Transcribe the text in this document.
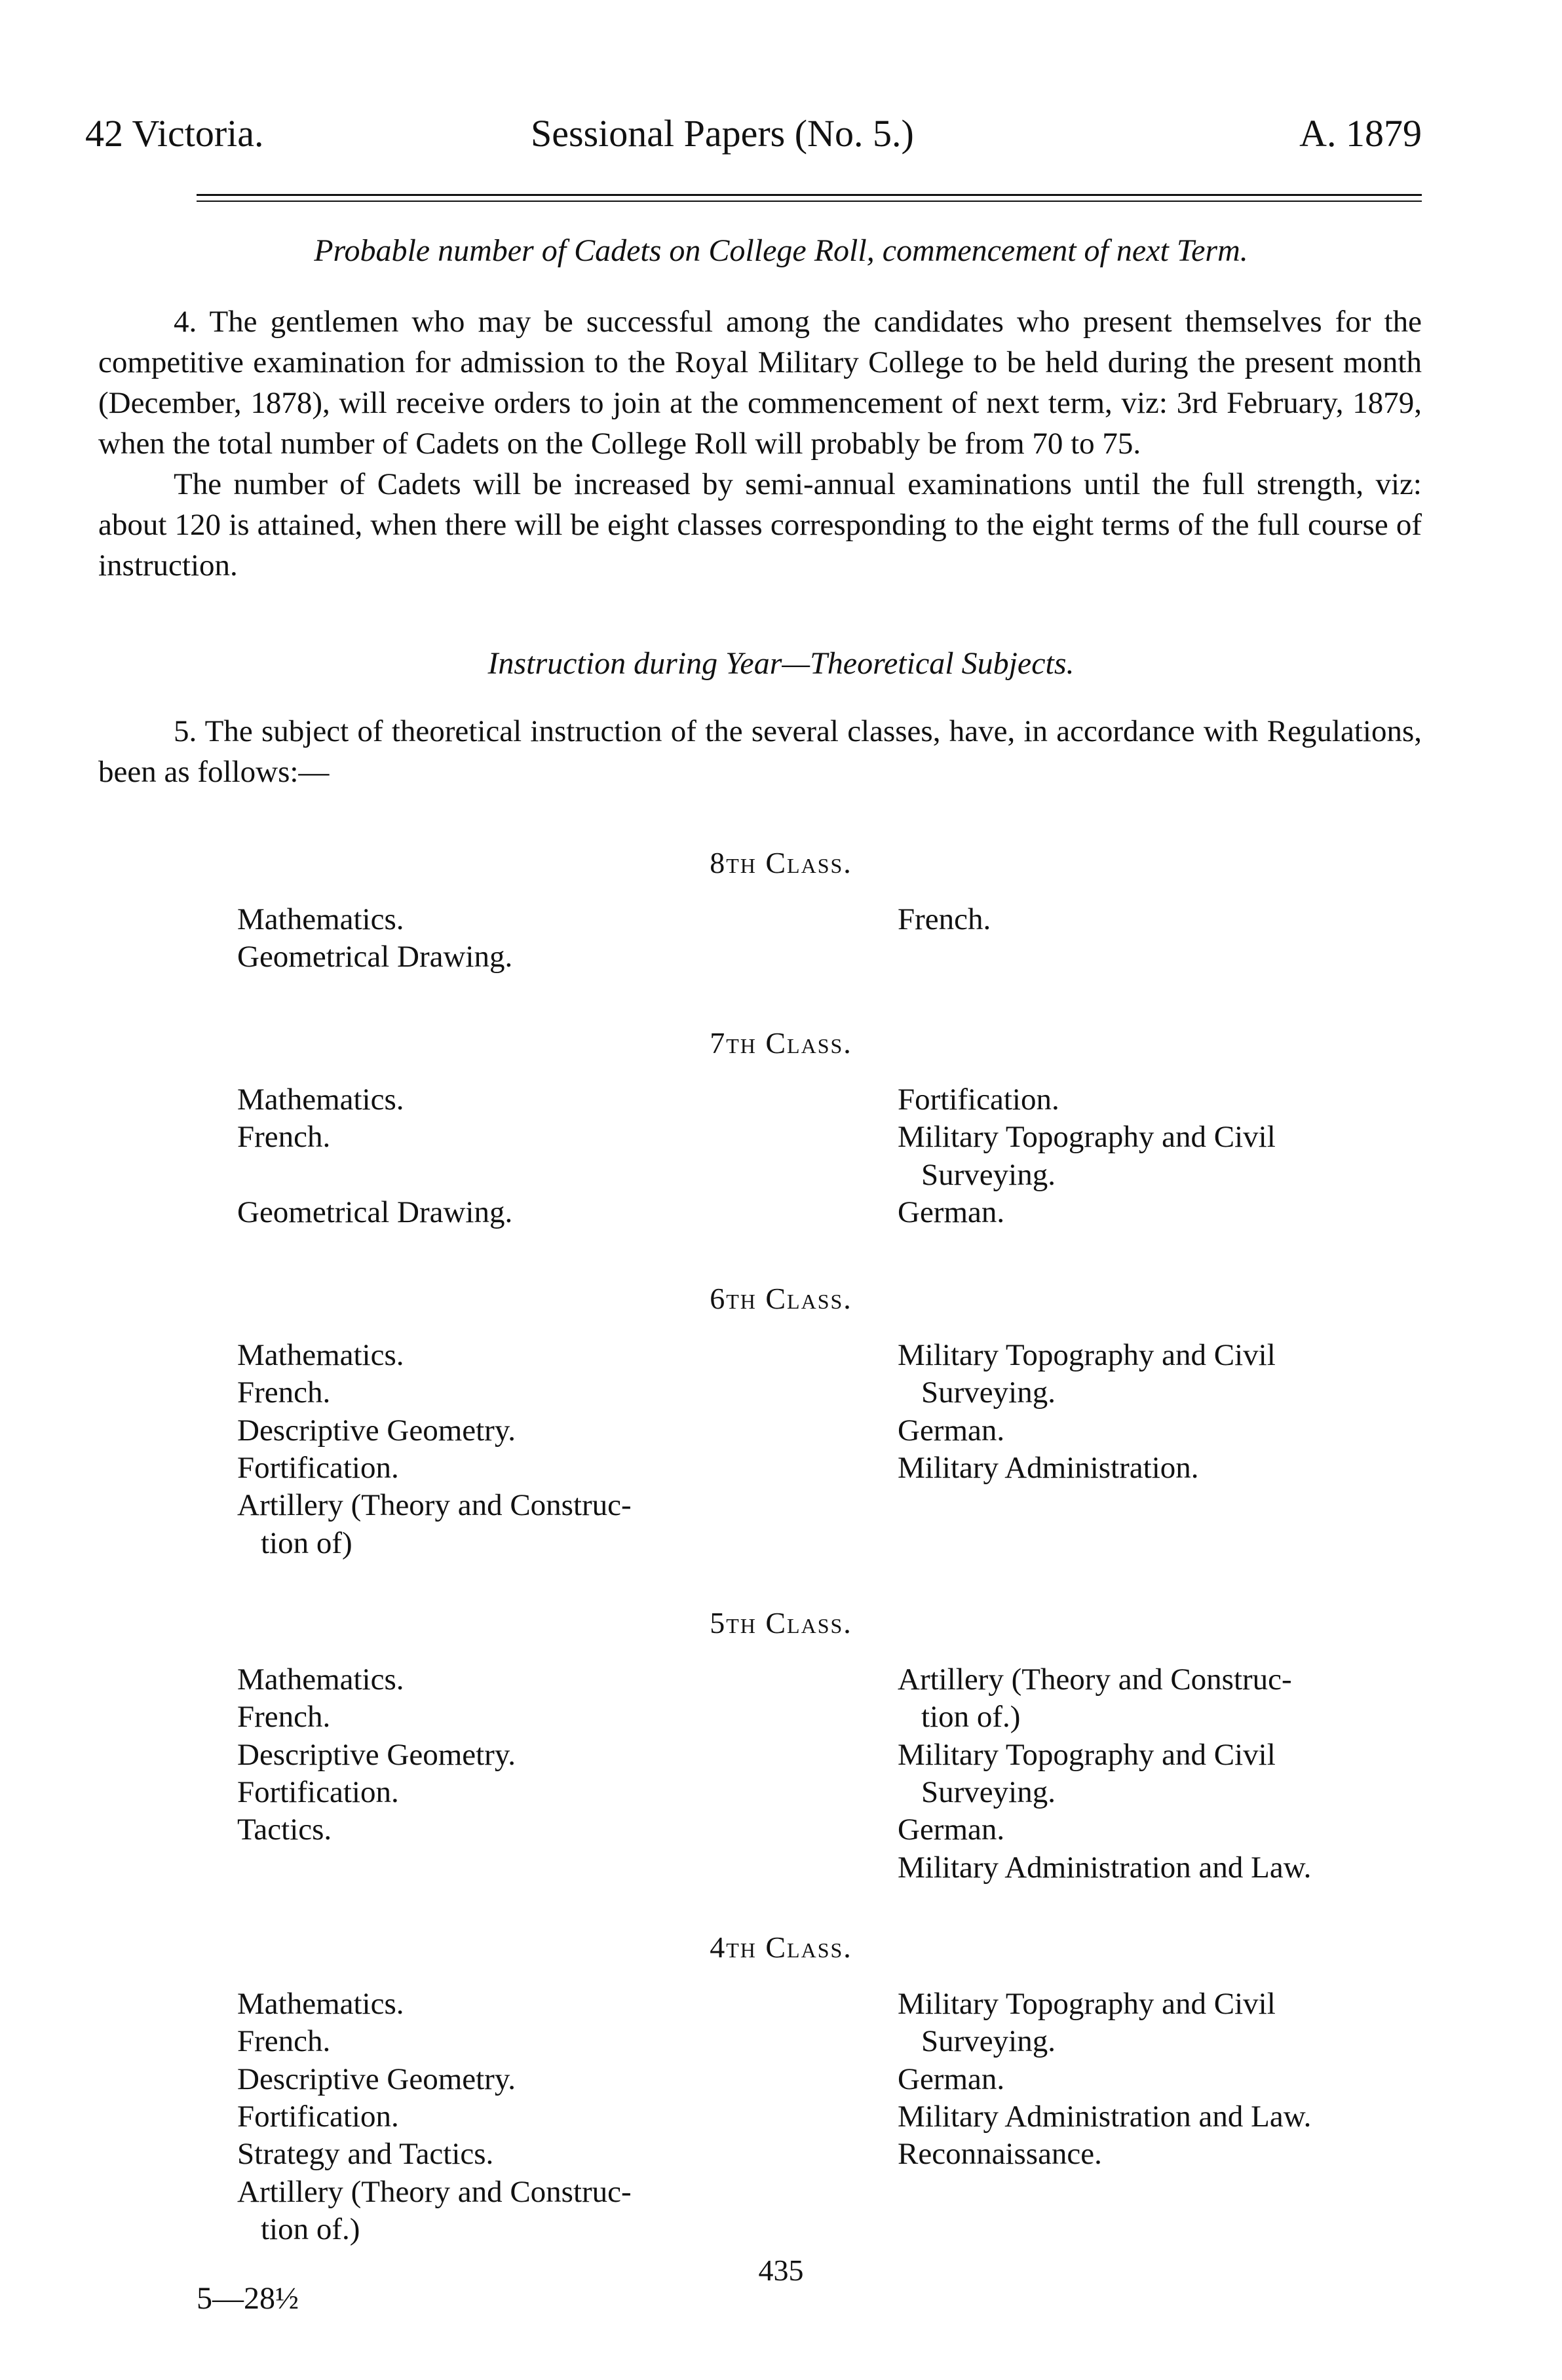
42 Victoria.	Sessional Papers (No. 5.)	A. 1879
Probable number of Cadets on College Roll, commencement of next Term.

4. The gentlemen who may be successful among the candidates who present themselves for the competitive examination for admission to the Royal Military College to be held during the present month (December, 1878), will receive orders to join at the commencement of next term, viz: 3rd February, 1879, when the total number of Cadets on the College Roll will probably be from 70 to 75.

The number of Cadets will be increased by semi-annual examinations until the full strength, viz: about 120 is attained, when there will be eight classes corresponding to the eight terms of the full course of instruction.

Instruction during Year—Theoretical Subjects.

5. The subject of theoretical instruction of the several classes, have, in accordance with Regulations, been as follows:—

8th Class.
Mathematics.
Geometrical Drawing.
French.
7th Class.
Mathematics.
French.
Geometrical Drawing.
Fortification.
Military Topography and Civil
Surveying.
German.
6th Class.
Mathematics.
French.
Descriptive Geometry.
Fortification.
Artillery (Theory and Construc-
tion of)
Military Topography and Civil
Surveying.
German.
Military Administration.
5th Class.
Mathematics.
French.
Descriptive Geometry.
Fortification.
Tactics.
Artillery (Theory and Construc-
tion of.)
Military Topography and Civil
Surveying.
German.
Military Administration and Law.
4th Class.
Mathematics.
French.
Descriptive Geometry.
Fortification.
Strategy and Tactics.
Artillery (Theory and Construc-
tion of.)
Military Topography and Civil
Surveying.
German.
Military Administration and Law.
Reconnaissance.
435
5—28½
